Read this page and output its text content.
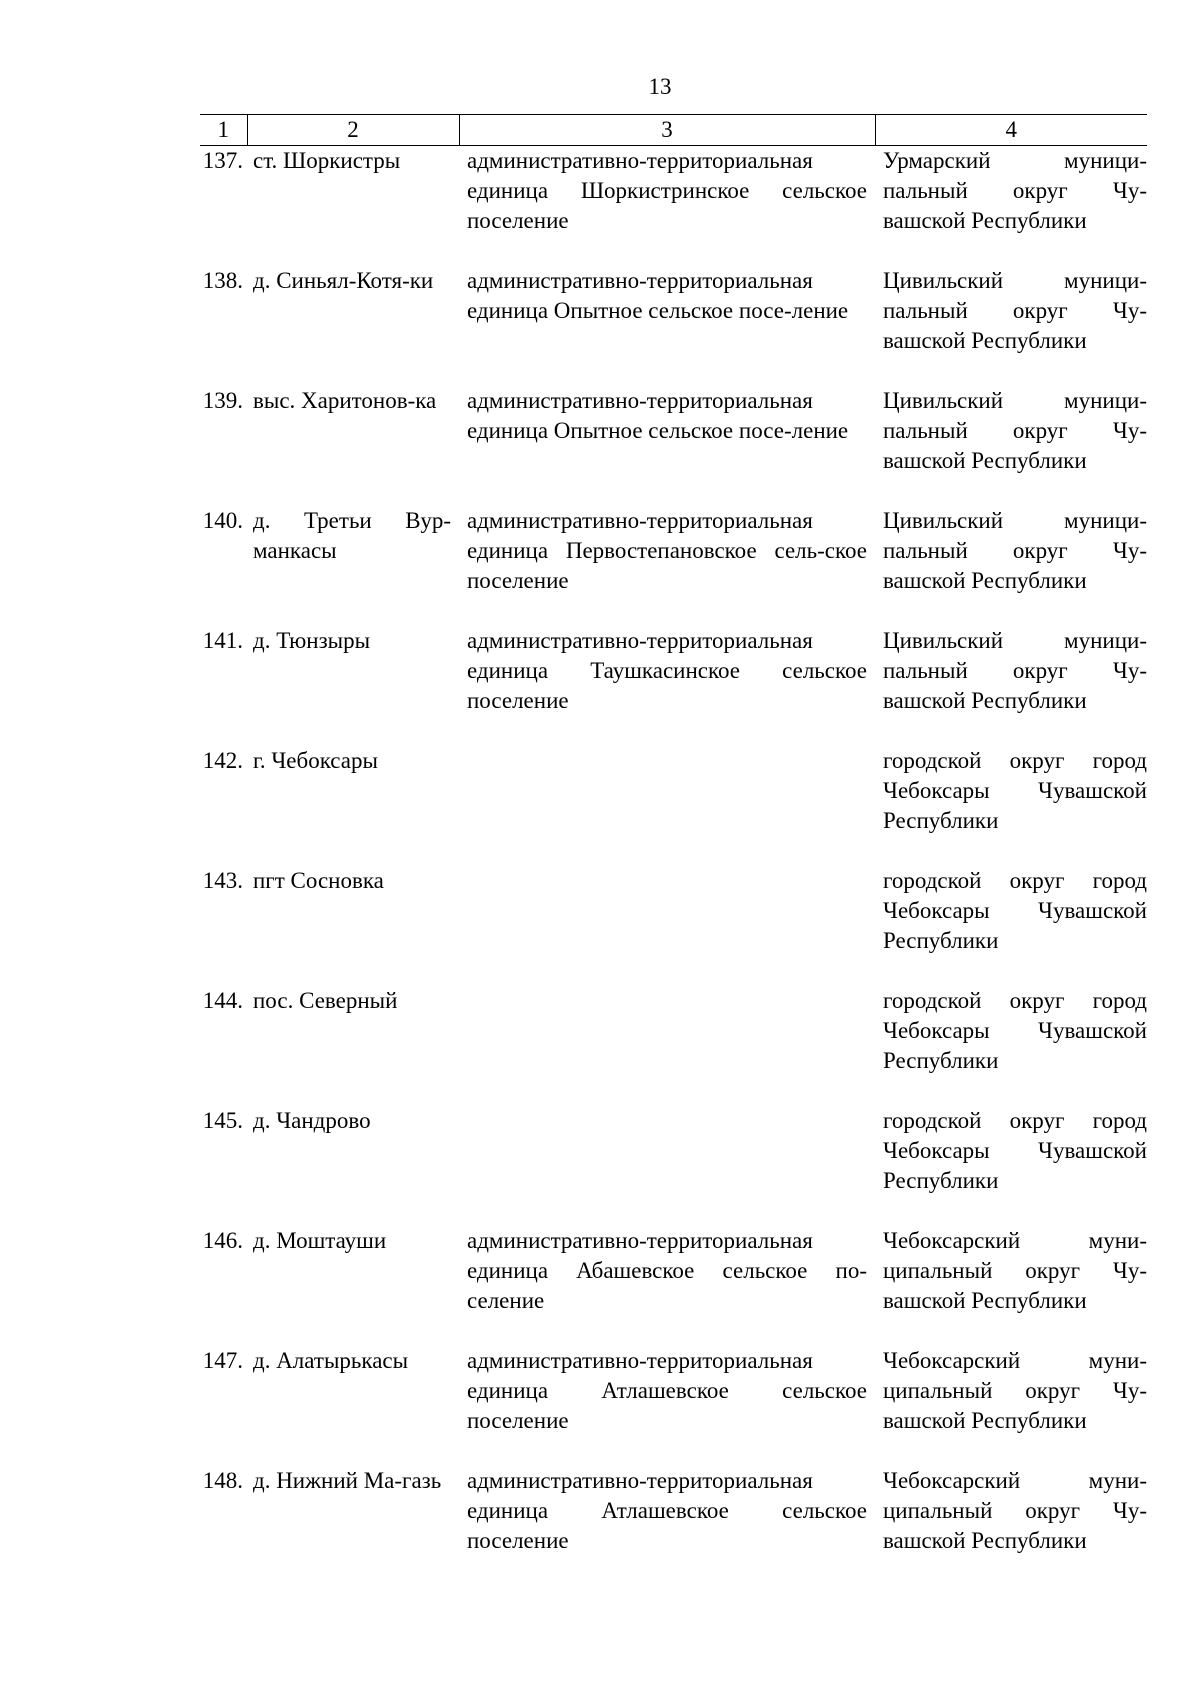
13
1	2	3	4
137.	ст. Шоркистры	административно-территориальная единица Шоркистринское сельское поселение	Урмарский муници-пальный округ Чу-вашской Республики
138.	д. Синьял-Котя-ки	административно-территориальная единица Опытное сельское посе-ление	Цивильский муници-пальный округ Чу-вашской Республики
139.	выс. Харитонов-ка	административно-территориальная единица Опытное сельское посе-ление	Цивильский муници-пальный округ Чу-вашской Республики
140.	д. Третьи Вур-манкасы	административно-территориальная единица Первостепановское сель-ское поселение	Цивильский муници-пальный округ Чу-вашской Республики
141.	д. Тюнзыры	административно-территориальная единица Таушкасинское сельское поселение	Цивильский муници-пальный округ Чу-вашской Республики
142.	г. Чебоксары		городской округ город Чебоксары Чувашской Республики
143.	пгт Сосновка		городской округ город Чебоксары Чувашской Республики
144.	пос. Северный		городской округ город Чебоксары Чувашской Республики
145.	д. Чандрово		городской округ город Чебоксары Чувашской Республики
146.	д. Моштауши	административно-территориальная единица Абашевское сельское по-селение	Чебоксарский муни-ципальный округ Чу-вашской Республики
147.	д. Алатырькасы	административно-территориальная единица Атлашевское сельское поселение	Чебоксарский муни-ципальный округ Чу-вашской Республики
148.	д. Нижний Ма-газь	административно-территориальная единица Атлашевское сельское поселение	Чебоксарский муни-ципальный округ Чу-вашской Республики
